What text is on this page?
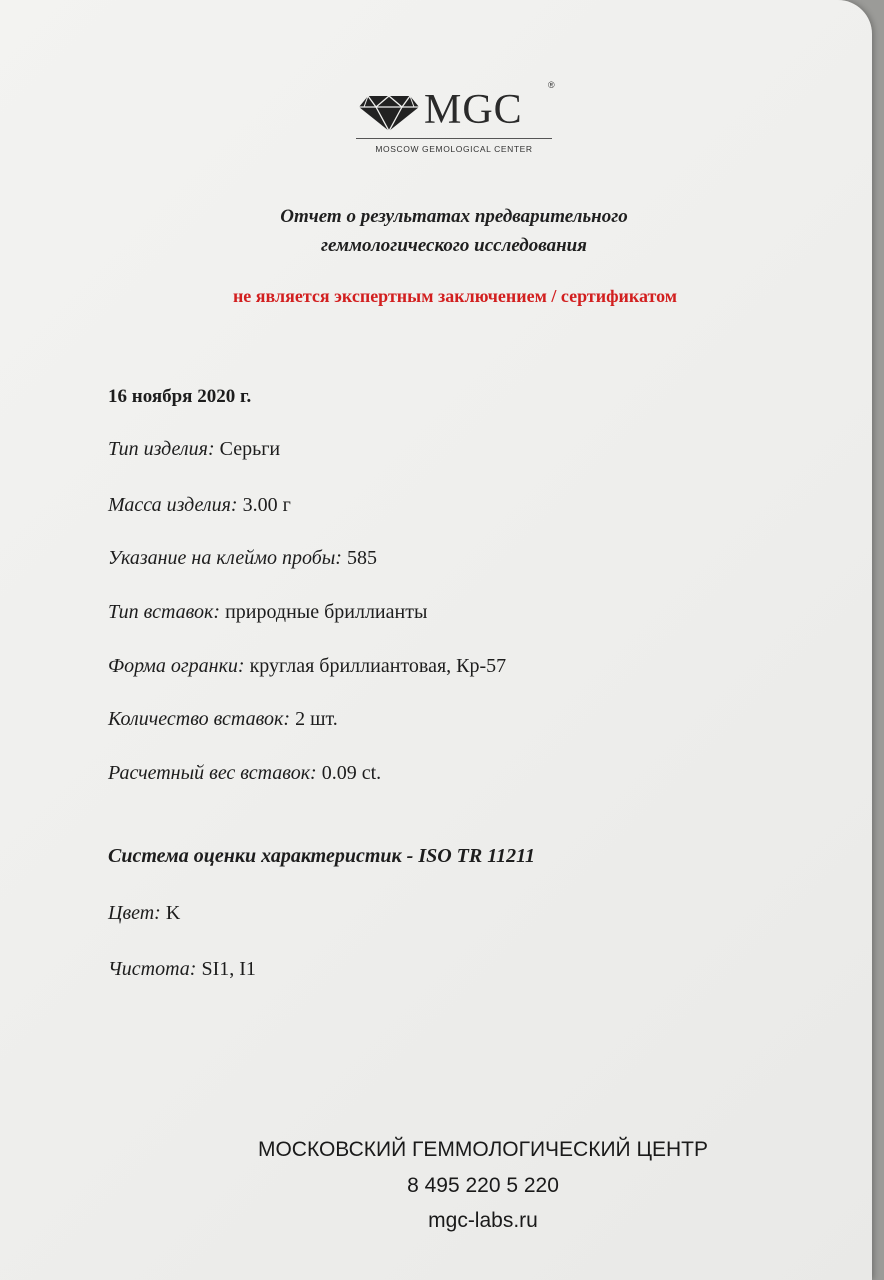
MGC
®
MOSCOW GEMOLOGICAL CENTER
Отчет о результатах предварительного
геммологического исследования
не является экспертным заключением / сертификатом
16 ноября 2020 г.
Тип изделия: Серьги
Масса изделия: 3.00 г
Указание на клеймо пробы: 585
Тип вставок: природные бриллианты
Форма огранки: круглая бриллиантовая, Кр-57
Количество вставок: 2 шт.
Расчетный вес вставок: 0.09 ct.
Система оценки характеристик - ISO TR 11211
Цвет: K
Чистота: SI1, I1
МОСКОВСКИЙ ГЕММОЛОГИЧЕСКИЙ ЦЕНТР
8 495 220 5 220
mgc-labs.ru
